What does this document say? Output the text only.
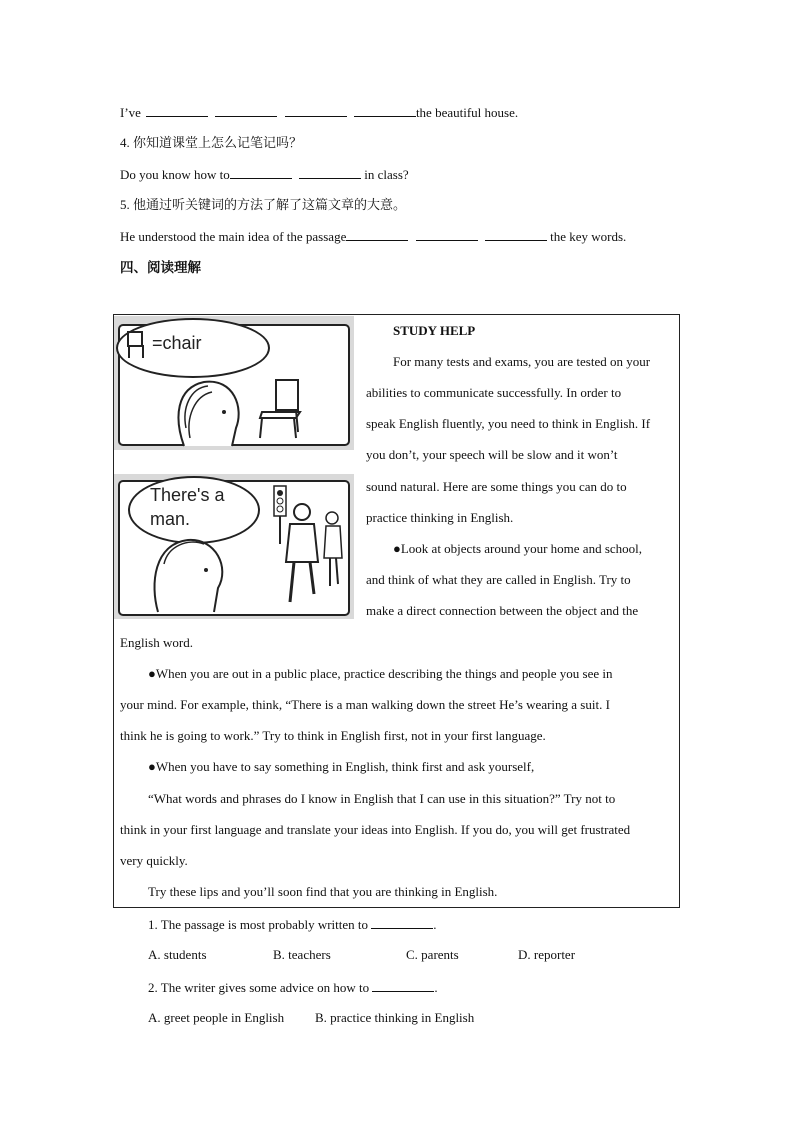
I’ve	the beautiful house.
4. 你知道课堂上怎么记笔记吗？
Do you know how to	in class?
5. 他通过听关键词的方法了解了这篇文章的大意。
He understood the main idea of the passage	the key words.
四、阅读理解
=chair
There's a
man.
STUDY HELP
For many tests and exams, you are tested on your
abilities to communicate successfully. In order to
speak English fluently, you need to think in English. If
you don’t, your speech will be slow and it won’t
sound natural. Here are some things you can do to
practice thinking in English.
●Look at objects around your home and school,
and think of what they are called in English. Try to
make a direct connection between the object and the
English word.
●When you are out in a public place, practice describing the things and people you see in
your mind. For example, think, “There is a man walking down the street He’s wearing a suit. I
think he is going to work.” Try to think in English first, not in your first language.
●When you have to say something in English, think first and ask yourself,
“What words and phrases do I know in English that I can use in this situation?” Try not to
think in your first language and translate your ideas into English. If you do, you will get frustrated
very quickly.
Try these lips and you’ll soon find that you are thinking in English.
1. The passage is most probably written to	.
A. students	B. teachers	C. parents	D. reporter
2. The writer gives some advice on how to	.
A. greet people in English B. practice thinking in English
